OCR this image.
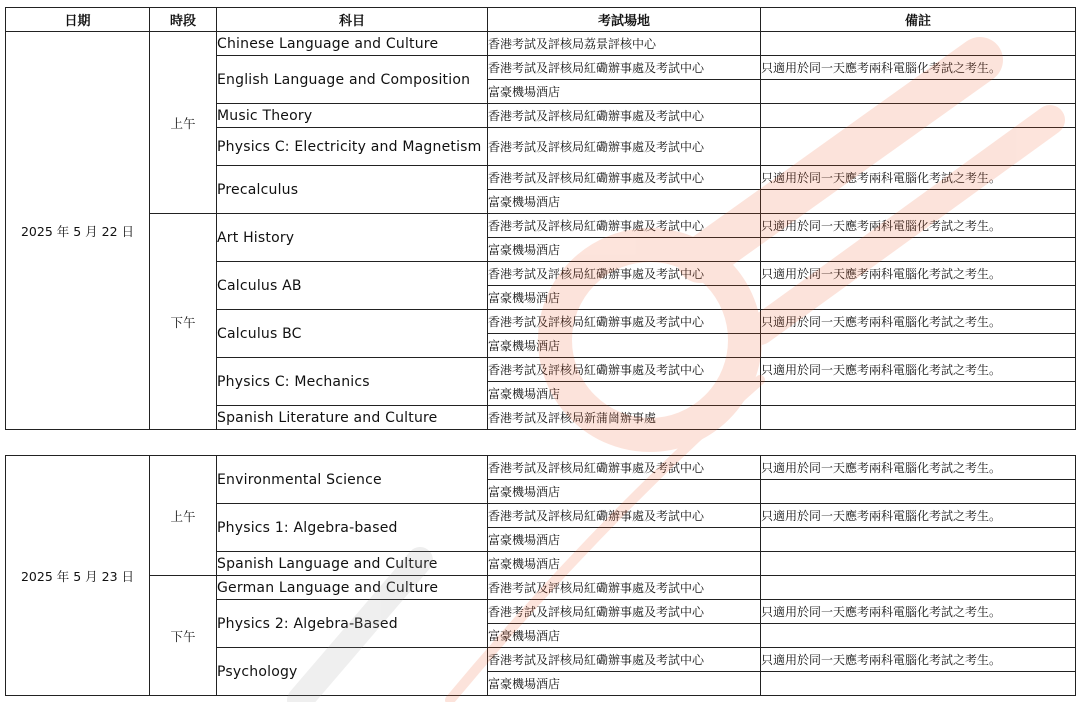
日期	時段	科目	考試場地	備註
2025 年 5 月 22 日	上午	Chinese Language and Culture	香港考試及評核局荔景評核中心	
		English Language and Composition	香港考試及評核局紅磡辦事處及考試中心	只適用於同一天應考兩科電腦化考試之考生。
			富豪機場酒店	
		Music Theory	香港考試及評核局紅磡辦事處及考試中心	
		Physics C: Electricity and Magnetism	香港考試及評核局紅磡辦事處及考試中心	
		Precalculus	香港考試及評核局紅磡辦事處及考試中心	只適用於同一天應考兩科電腦化考試之考生。
			富豪機場酒店	

	下午	Art History	香港考試及評核局紅磡辦事處及考試中心	只適用於同一天應考兩科電腦化考試之考生。
			富豪機場酒店	
		Calculus AB	香港考試及評核局紅磡辦事處及考試中心	只適用於同一天應考兩科電腦化考試之考生。
			富豪機場酒店	
		Calculus BC	香港考試及評核局紅磡辦事處及考試中心	只適用於同一天應考兩科電腦化考試之考生。
			富豪機場酒店	
		Physics C: Mechanics	香港考試及評核局紅磡辦事處及考試中心	只適用於同一天應考兩科電腦化考試之考生。
			富豪機場酒店	
		Spanish Literature and Culture	香港考試及評核局新蒲崗辦事處	
2025 年 5 月 23 日	上午	Environmental Science	香港考試及評核局紅磡辦事處及考試中心	只適用於同一天應考兩科電腦化考試之考生。
			富豪機場酒店	
		Physics 1: Algebra-based	香港考試及評核局紅磡辦事處及考試中心	只適用於同一天應考兩科電腦化考試之考生。
			富豪機場酒店	
		Spanish Language and Culture	富豪機場酒店	
	下午	German Language and Culture	香港考試及評核局紅磡辦事處及考試中心	
		Physics 2: Algebra-Based	香港考試及評核局紅磡辦事處及考試中心	只適用於同一天應考兩科電腦化考試之考生。
			富豪機場酒店	
		Psychology	香港考試及評核局紅磡辦事處及考試中心	只適用於同一天應考兩科電腦化考試之考生。
			富豪機場酒店	
